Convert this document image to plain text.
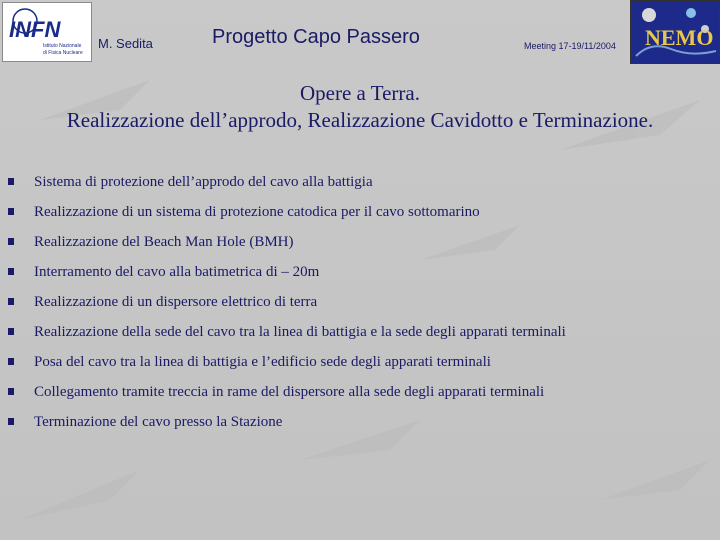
INFN
Istituto Nazionale
di Fisica Nucleare
M. Sedita	Progetto Capo Passero	Meeting 17-19/11/2004 NEMO
Opere a Terra.
Realizzazione dell’approdo, Realizzazione Cavidotto e Terminazione.
Sistema di protezione dell’approdo del cavo alla battigia
Realizzazione di un sistema di protezione catodica per il cavo sottomarino
Realizzazione del Beach Man Hole (BMH)
Interramento del cavo alla batimetrica di – 20m
Realizzazione di un dispersore elettrico di terra
Realizzazione della sede del cavo tra la linea di battigia e la sede degli apparati terminali
Posa del cavo tra la linea di battigia e l’edificio sede degli apparati terminali
Collegamento tramite treccia in rame del dispersore alla sede degli apparati terminali
Terminazione del cavo presso la Stazione
